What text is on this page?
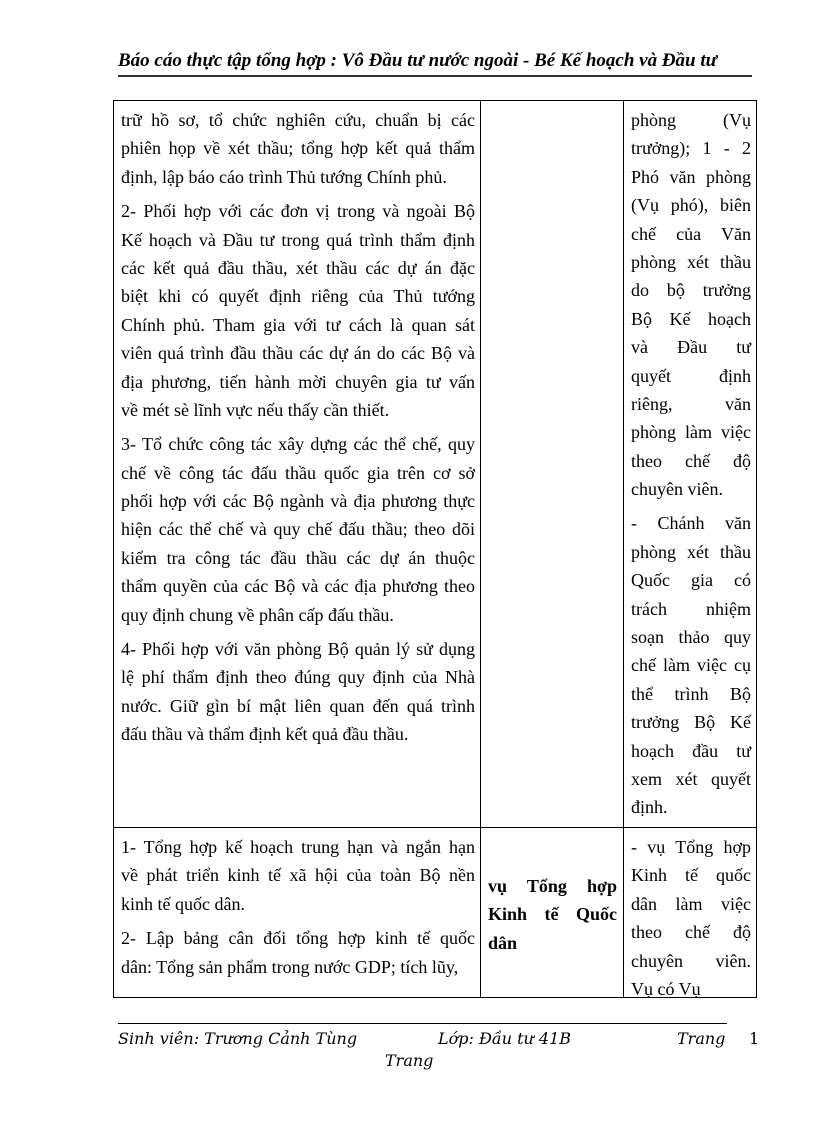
Báo cáo thực tập tổng hợp : Vô Đầu tư nước ngoài - Bé Kế hoạch và Đầu tư
trữ hồ sơ, tổ chức nghiên cứu, chuẩn bị các
phiên họp về xét thầu; tổng hợp kết quả thẩm
định, lập báo cáo trình Thủ tướng Chính phủ.
2- Phối hợp với các đơn vị trong và ngoài Bộ
Kế hoạch và Đầu tư trong quá trình thẩm định
các kết quả đầu thầu, xét thầu các dự án đặc
biệt khi có quyết định riêng của Thủ tướng
Chính phủ. Tham gia với tư cách là quan sát
viên quá trình đầu thầu các dự án do các Bộ và
địa phương, tiến hành mời chuyên gia tư vấn
về mét sè lĩnh vực nếu thấy cần thiết.
3- Tổ chức công tác xây dựng các thể chế, quy
chế về công tác đấu thầu quốc gia trên cơ sở
phối hợp với các Bộ ngành và địa phương thực
hiện các thể chế và quy chế đấu thầu; theo dõi
kiểm tra công tác đầu thầu các dự án thuộc
thẩm quyền của các Bộ và các địa phương theo
quy định chung về phân cấp đấu thầu.
4- Phối hợp với văn phòng Bộ quản lý sử dụng
lệ phí thẩm định theo đúng quy định của Nhà
nước. Giữ gìn bí mật liên quan đến quá trình
đấu thầu và thẩm định kết quả đầu thầu.
phòng (Vụ
trưởng); 1 - 2
Phó văn phòng
(Vụ phó), biên
chế của Văn
phòng xét thầu
do bộ trưởng
Bộ Kế hoạch
và Đầu tư
quyết định
riêng, văn
phòng làm việc
theo chế độ
chuyên viên.
- Chánh văn
phòng xét thầu
Quốc gia có
trách nhiệm
soạn thảo quy
chế làm việc cụ
thể trình Bộ
trưởng Bộ Kế
hoạch đầu tư
xem xét quyết
định.
1- Tổng hợp kế hoạch trung hạn và ngắn hạn
về phát triển kinh tế xã hội của toàn Bộ nền
kinh tế quốc dân.
2- Lập bảng cân đối tổng hợp kinh tế quốc
dân: Tổng sản phẩm trong nước GDP; tích lũy,
vụ Tổng hợp
Kinh tế Quốc
dân
- vụ Tổng hợp
Kinh tế quốc
dân làm việc
theo chế độ
chuyên viên.
Vụ có Vụ
Sinh viên: Trương Cảnh Tùng	Lớp: Đầu tư 41B	Trang 1
Trang
